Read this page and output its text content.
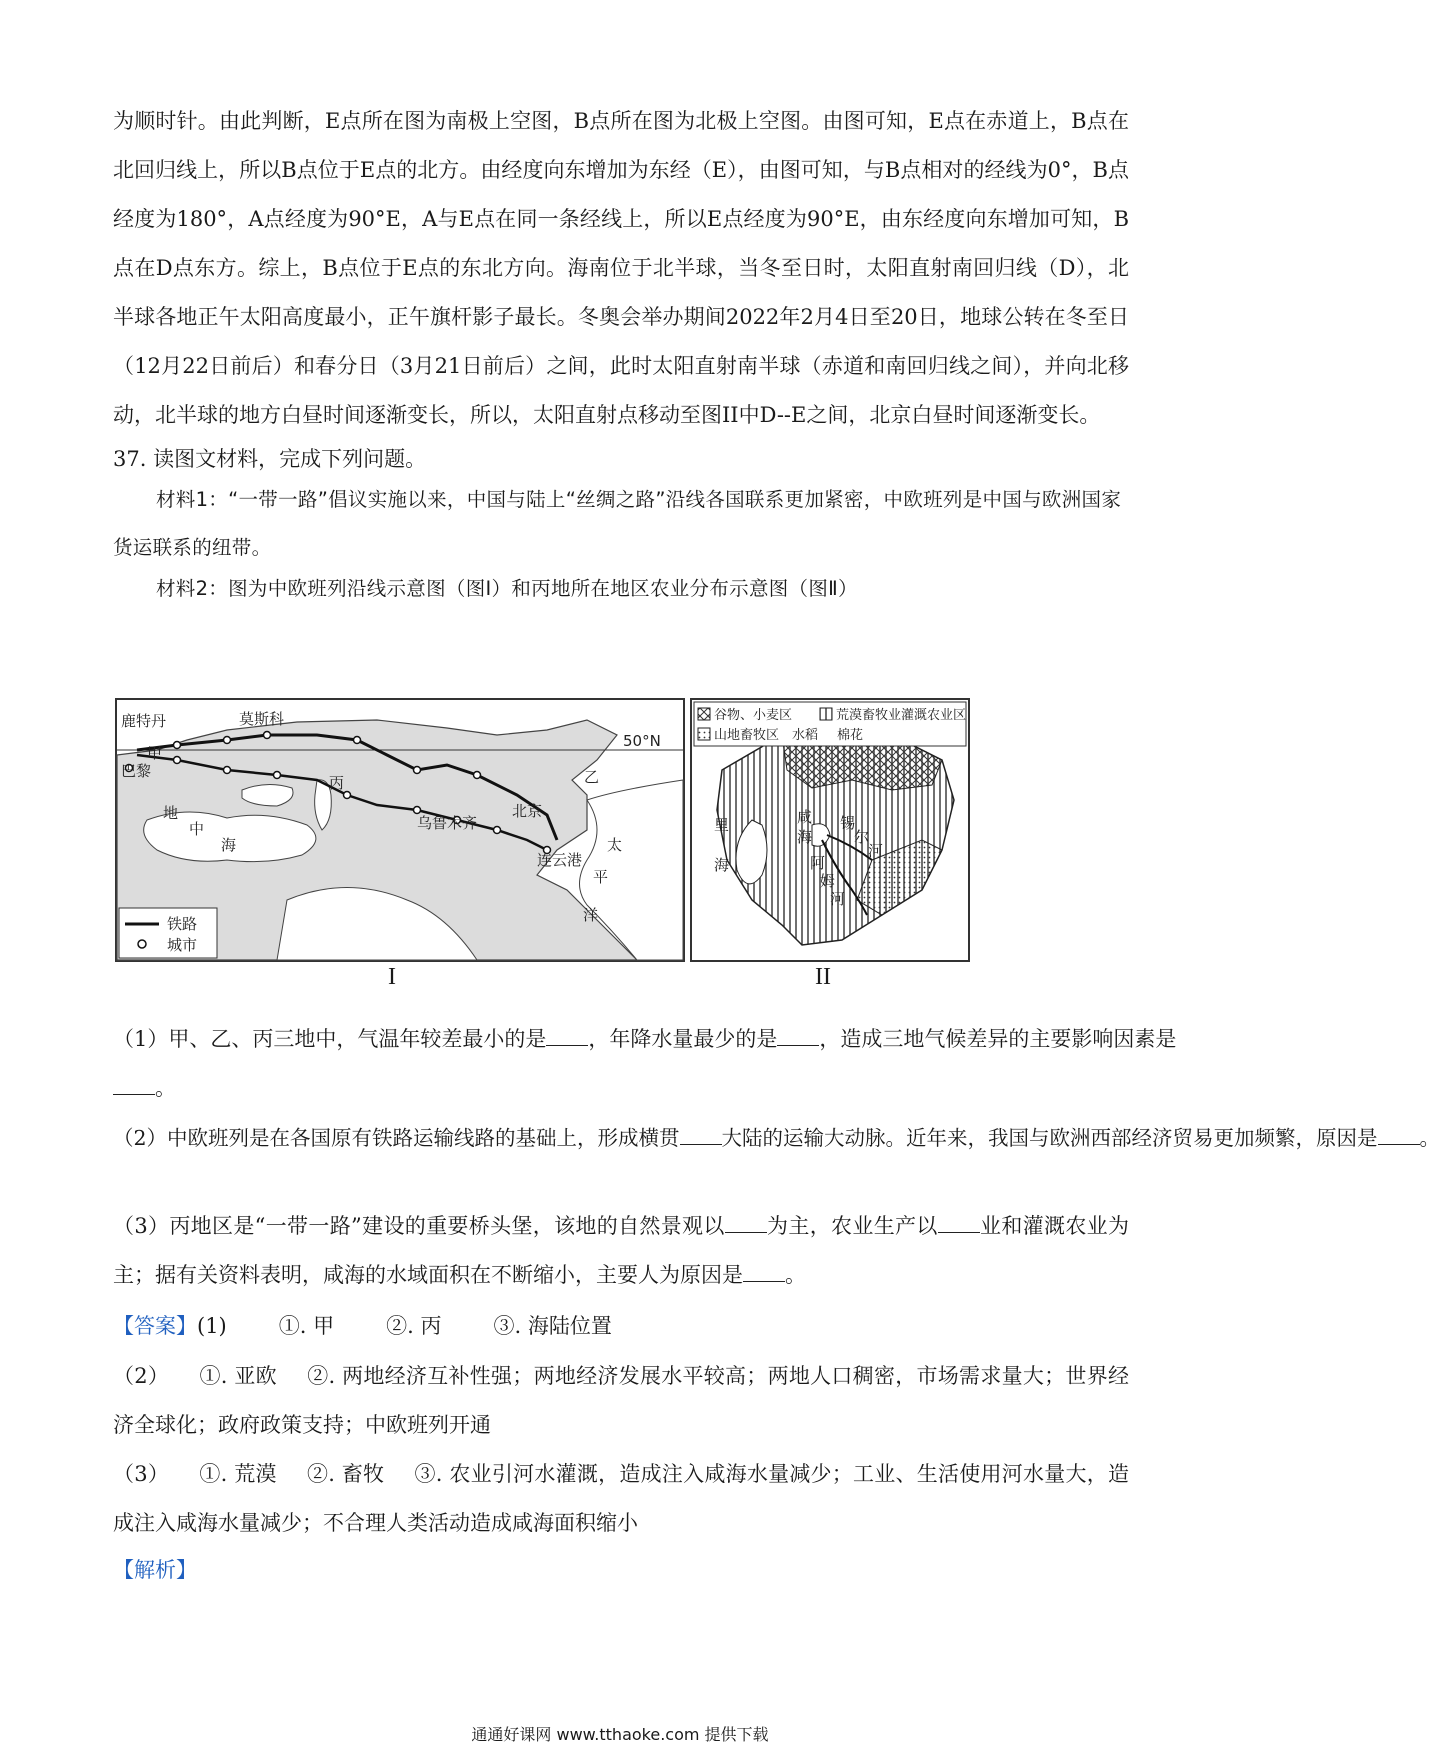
为顺时针。由此判断，E点所在图为南极上空图，B点所在图为北极上空图。由图可知，E点在赤道上，B点在北回归线上，所以B点位于E点的北方。由经度向东增加为东经（E），由图可知，与B点相对的经线为0°，B点经度为180°，A点经度为90°E，A与E点在同一条经线上，所以E点经度为90°E，由东经度向东增加可知，B点在D点东方。综上，B点位于E点的东北方向。海南位于北半球，当冬至日时，太阳直射南回归线（D），北半球各地正午太阳高度最小，正午旗杆影子最长。冬奥会举办期间2022年2月4日至20日，地球公转在冬至日（12月22日前后）和春分日（3月21日前后）之间，此时太阳直射南半球（赤道和南回归线之间），并向北移动，北半球的地方白昼时间逐渐变长，所以，太阳直射点移动至图II中D--E之间，北京白昼时间逐渐变长。

37. 读图文材料，完成下列问题。

材料1：“一带一路”倡议实施以来，中国与陆上“丝绸之路”沿线各国联系更加紧密，中欧班列是中国与欧洲国家货运联系的纽带。

材料2：图为中欧班列沿线示意图（图Ⅰ）和丙地所在地区农业分布示意图（图Ⅱ）

鹿特丹	莫斯科
50°N
甲
巴黎
丙
地
中
海
乌鲁木齐
北京
乙
连云港
太
平
洋
铁路
城市
I
谷物、小麦区	荒漠畜牧业灌溉农业区
山地畜牧区 水稻 棉花
里
海
咸
海
阿
姆
河
锡
尔
河
II
（1）甲、乙、丙三地中，气温年较差最小的是 ，年降水量最少的是 ，造成三地气候差异的主要影响因素是
。
（2）中欧班列是在各国原有铁路运输线路的基础上，形成横贯 大陆的运输大动脉。近年来，我国与欧洲西部经济贸易更加频繁，原因是 。
（3）丙地区是“一带一路”建设的重要桥头堡，该地的自然景观以 为主，农业生产以 业和灌溉农业为主；据有关资料表明，咸海的水域面积在不断缩小，主要人为原因是 。
【答案】(1) ①. 甲 ②. 丙 ③. 海陆位置
（2） ①. 亚欧 ②. 两地经济互补性强；两地经济发展水平较高；两地人口稠密，市场需求量大；世界经济全球化；政府政策支持；中欧班列开通
（3） ①. 荒漠 ②. 畜牧 ③. 农业引河水灌溉，造成注入咸海水量减少；工业、生活使用河水量大，造成注入咸海水量减少；不合理人类活动造成咸海面积缩小
【解析】
通通好课网 www.tthaoke.com 提供下载
